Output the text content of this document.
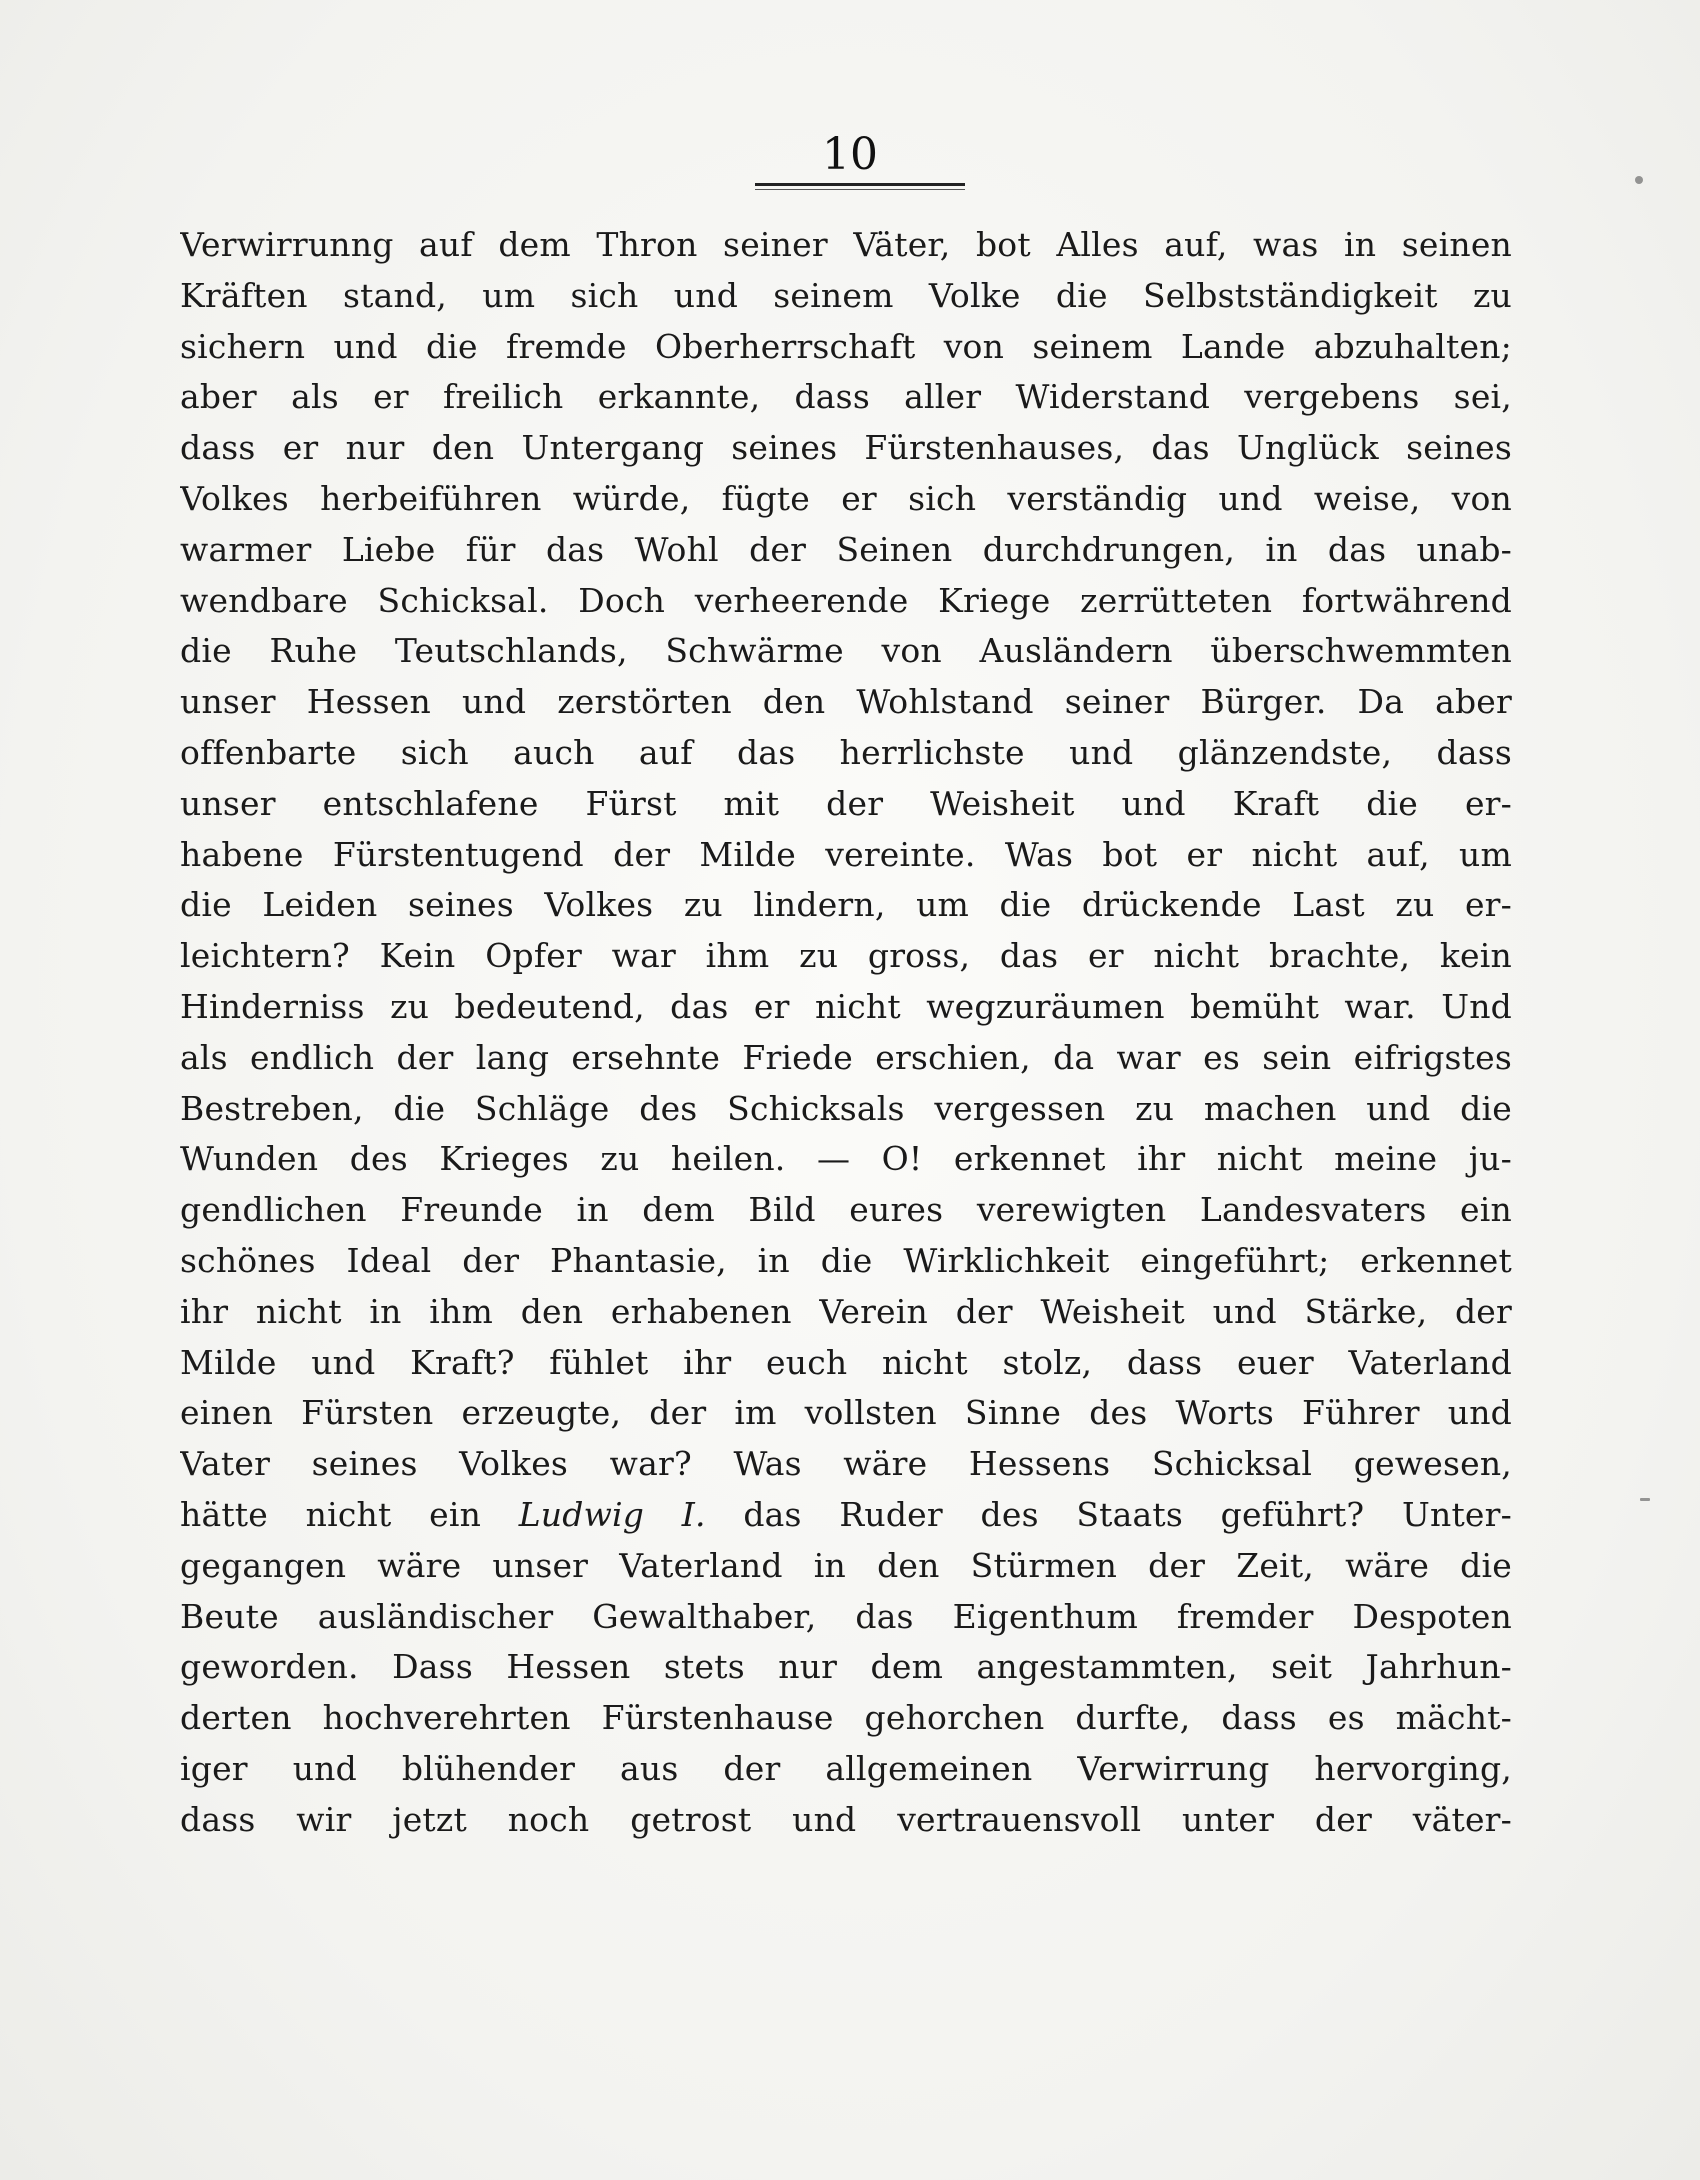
10
Verwirrunng auf dem Thron seiner Väter, bot Alles auf, was in seinen
Kräften stand, um sich und seinem Volke die Selbstständigkeit zu
sichern und die fremde Oberherrschaft von seinem Lande abzuhalten;
aber als er freilich erkannte, dass aller Widerstand vergebens sei,
dass er nur den Untergang seines Fürstenhauses, das Unglück seines
Volkes herbeiführen würde, fügte er sich verständig und weise, von
warmer Liebe für das Wohl der Seinen durchdrungen, in das unab-
wendbare Schicksal. Doch verheerende Kriege zerrütteten fortwährend
die Ruhe Teutschlands, Schwärme von Ausländern überschwemmten
unser Hessen und zerstörten den Wohlstand seiner Bürger. Da aber
offenbarte sich auch auf das herrlichste und glänzendste, dass
unser entschlafene Fürst mit der Weisheit und Kraft die er-
habene Fürstentugend der Milde vereinte. Was bot er nicht auf, um
die Leiden seines Volkes zu lindern, um die drückende Last zu er-
leichtern? Kein Opfer war ihm zu gross, das er nicht brachte, kein
Hinderniss zu bedeutend, das er nicht wegzuräumen bemüht war. Und
als endlich der lang ersehnte Friede erschien, da war es sein eifrigstes
Bestreben, die Schläge des Schicksals vergessen zu machen und die
Wunden des Krieges zu heilen. — O! erkennet ihr nicht meine ju-
gendlichen Freunde in dem Bild eures verewigten Landesvaters ein
schönes Ideal der Phantasie, in die Wirklichkeit eingeführt; erkennet
ihr nicht in ihm den erhabenen Verein der Weisheit und Stärke, der
Milde und Kraft? fühlet ihr euch nicht stolz, dass euer Vaterland
einen Fürsten erzeugte, der im vollsten Sinne des Worts Führer und
Vater seines Volkes war? Was wäre Hessens Schicksal gewesen,
hätte nicht ein Ludwig I. das Ruder des Staats geführt? Unter-
gegangen wäre unser Vaterland in den Stürmen der Zeit, wäre die
Beute ausländischer Gewalthaber, das Eigenthum fremder Despoten
geworden. Dass Hessen stets nur dem angestammten, seit Jahrhun-
derten hochverehrten Fürstenhause gehorchen durfte, dass es mächt-
iger und blühender aus der allgemeinen Verwirrung hervorging,
dass wir jetzt noch getrost und vertrauensvoll unter der väter-
